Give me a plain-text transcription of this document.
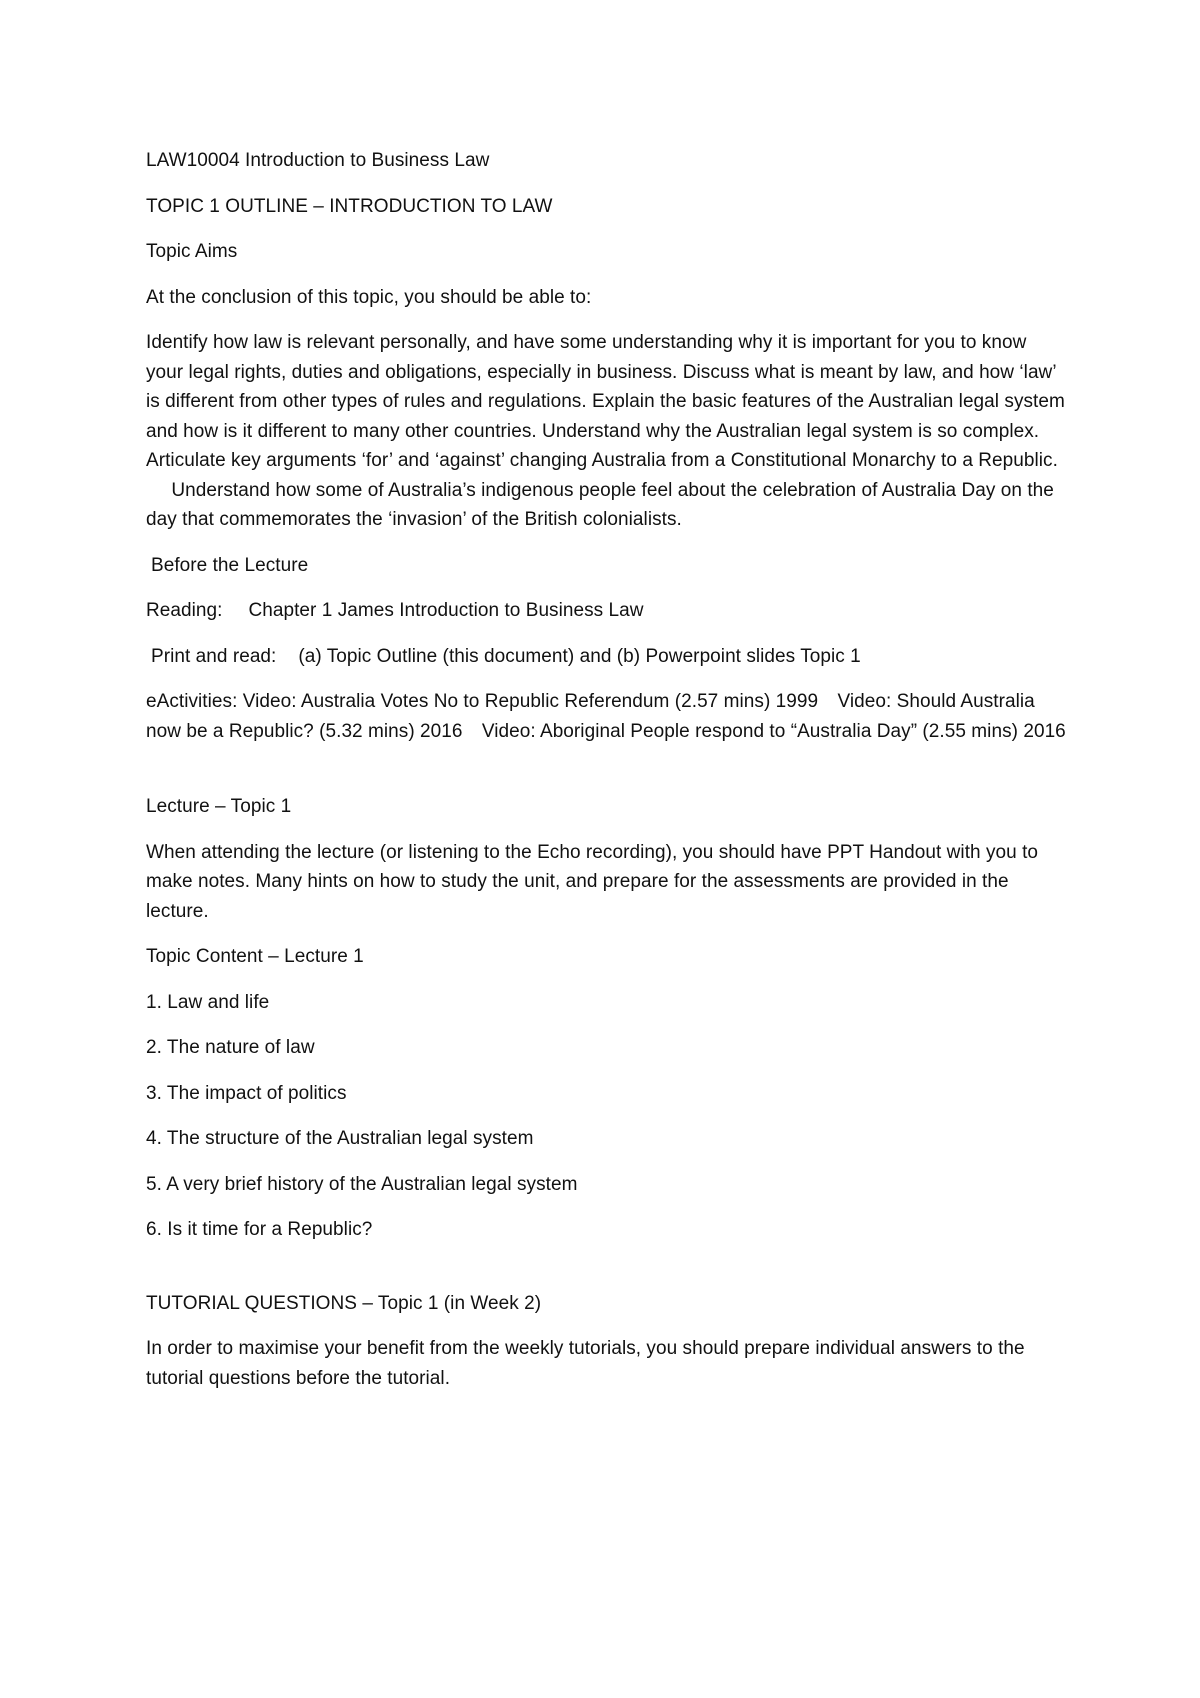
LAW10004 Introduction to Business Law

TOPIC 1 OUTLINE – INTRODUCTION TO LAW

Topic Aims

At the conclusion of this topic, you should be able to:

Identify how law is relevant personally, and have some understanding why it is important for you to know your legal rights, duties and obligations, especially in business. Discuss what is meant by law, and how ‘law’ is different from other types of rules and regulations. Explain the basic features of the Australian legal system and how is it different to many other countries. Understand why the Australian legal system is so complex.  Articulate key arguments ‘for’ and ‘against’ changing Australia from a Constitutional Monarchy to a Republic.  Understand how some of Australia’s indigenous people feel about the celebration of Australia Day on the day that commemorates the ‘invasion’ of the British colonialists.

Before the Lecture

Reading: Chapter 1 James Introduction to Business Law

Print and read: (a) Topic Outline (this document) and (b) Powerpoint slides Topic 1

eActivities: Video: Australia Votes No to Republic Referendum (2.57 mins) 1999 Video: Should Australia now be a Republic? (5.32 mins) 2016 Video: Aboriginal People respond to “Australia Day” (2.55 mins) 2016

Lecture – Topic 1

When attending the lecture (or listening to the Echo recording), you should have PPT Handout with you to make notes. Many hints on how to study the unit, and prepare for the assessments are provided in the lecture.

Topic Content – Lecture 1

1. Law and life

2. The nature of law

3. The impact of politics

4. The structure of the Australian legal system

5. A very brief history of the Australian legal system

6. Is it time for a Republic?

TUTORIAL QUESTIONS – Topic 1 (in Week 2)

In order to maximise your benefit from the weekly tutorials, you should prepare individual answers to the tutorial questions before the tutorial.
